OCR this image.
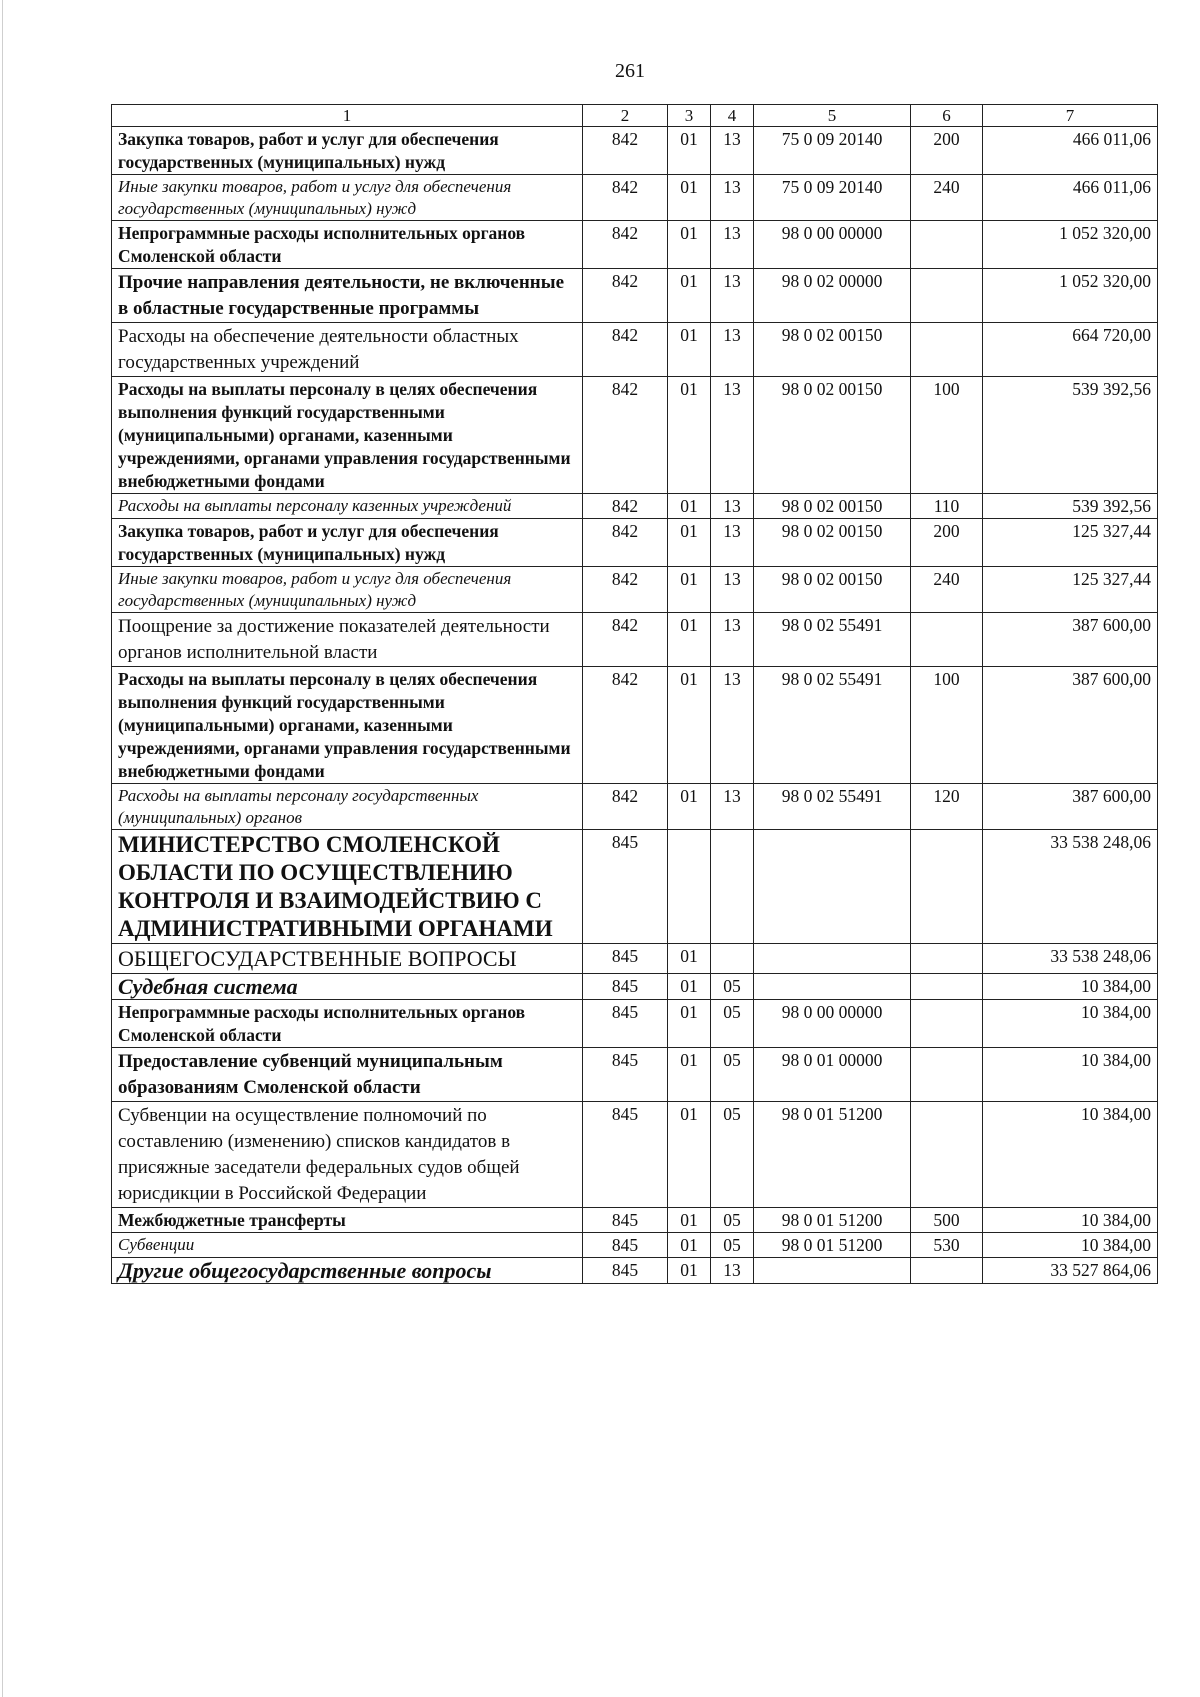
261
1	2	3	4	5	6	7
Закупка товаров, работ и услуг для обеспечения государственных (муниципальных) нужд	842	01	13	75 0 09 20140	200	466 011,06
Иные закупки товаров, работ и услуг для обеспечения государственных (муниципальных) нужд	842	01	13	75 0 09 20140	240	466 011,06
Непрограммные расходы исполнительных органов Смоленской области	842	01	13	98 0 00 00000		1 052 320,00
Прочие направления деятельности, не включенные в областные государственные программы	842	01	13	98 0 02 00000		1 052 320,00
Расходы на обеспечение деятельности областных государственных учреждений	842	01	13	98 0 02 00150		664 720,00
Расходы на выплаты персоналу в целях обеспечения выполнения функций государственными (муниципальными) органами, казенными учреждениями, органами управления государственными внебюджетными фондами	842	01	13	98 0 02 00150	100	539 392,56
Расходы на выплаты персоналу казенных учреждений	842	01	13	98 0 02 00150	110	539 392,56
Закупка товаров, работ и услуг для обеспечения государственных (муниципальных) нужд	842	01	13	98 0 02 00150	200	125 327,44
Иные закупки товаров, работ и услуг для обеспечения государственных (муниципальных) нужд	842	01	13	98 0 02 00150	240	125 327,44
Поощрение за достижение показателей деятельности органов исполнительной власти	842	01	13	98 0 02 55491		387 600,00
Расходы на выплаты персоналу в целях обеспечения выполнения функций государственными (муниципальными) органами, казенными учреждениями, органами управления государственными внебюджетными фондами	842	01	13	98 0 02 55491	100	387 600,00
Расходы на выплаты персоналу государственных (муниципальных) органов	842	01	13	98 0 02 55491	120	387 600,00
МИНИСТЕРСТВО СМОЛЕНСКОЙ ОБЛАСТИ ПО ОСУЩЕСТВЛЕНИЮ КОНТРОЛЯ И ВЗАИМОДЕЙСТВИЮ С АДМИНИСТРАТИВНЫМИ ОРГАНАМИ	845					33 538 248,06
ОБЩЕГОСУДАРСТВЕННЫЕ ВОПРОСЫ	845	01				33 538 248,06
Судебная система	845	01	05			10 384,00
Непрограммные расходы исполнительных органов Смоленской области	845	01	05	98 0 00 00000		10 384,00
Предоставление субвенций муниципальным образованиям Смоленской области	845	01	05	98 0 01 00000		10 384,00
Субвенции на осуществление полномочий по составлению (изменению) списков кандидатов в присяжные заседатели федеральных судов общей юрисдикции в Российской Федерации	845	01	05	98 0 01 51200		10 384,00
Межбюджетные трансферты	845	01	05	98 0 01 51200	500	10 384,00
Субвенции	845	01	05	98 0 01 51200	530	10 384,00
Другие общегосударственные вопросы	845	01	13			33 527 864,06
